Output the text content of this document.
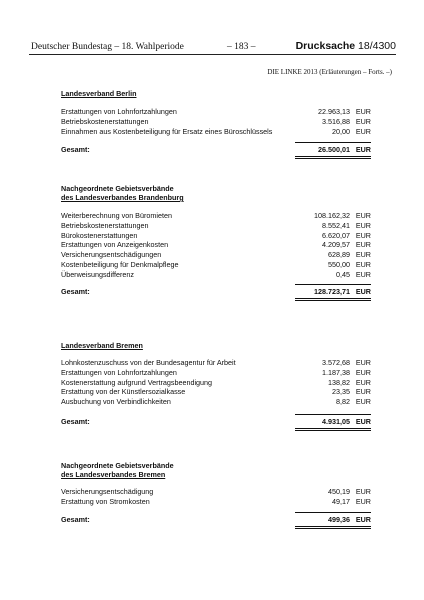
Deutscher Bundestag – 18. Wahlperiode	– 183 –	Drucksache 18/4300
DIE LINKE 2013 (Erläuterungen – Forts. –)
Landesverband Berlin
Erstattungen von Lohnfortzahlungen	22.963,13 EUR
Betriebskostenerstattungen	3.516,88 EUR
Einnahmen aus Kostenbeteiligung für Ersatz eines Büroschlüssels	20,00 EUR
Gesamt:	26.500,01 EUR
Nachgeordnete Gebietsverbände
des Landesverbandes Brandenburg
Weiterberechnung von Büromieten	108.162,32 EUR
Betriebskostenerstattungen	8.552,41 EUR
Bürokostenerstattungen	6.620,07 EUR
Erstattungen von Anzeigenkosten	4.209,57 EUR
Versicherungsentschädigungen	628,89 EUR
Kostenbeteiligung für Denkmalpflege	550,00 EUR
Überweisungsdifferenz	0,45 EUR
Gesamt:	128.723,71 EUR
Landesverband Bremen
Lohnkostenzuschuss von der Bundesagentur für Arbeit	3.572,68 EUR
Erstattungen von Lohnfortzahlungen	1.187,38 EUR
Kostenerstattung aufgrund Vertragsbeendigung	138,82 EUR
Erstattung von der Künstlersozialkasse	23,35 EUR
Ausbuchung von Verbindlichkeiten	8,82 EUR
Gesamt:	4.931,05 EUR
Nachgeordnete Gebietsverbände
des Landesverbandes Bremen
Versicherungsentschädigung	450,19 EUR
Erstattung von Stromkosten	49,17 EUR
Gesamt:	499,36 EUR
